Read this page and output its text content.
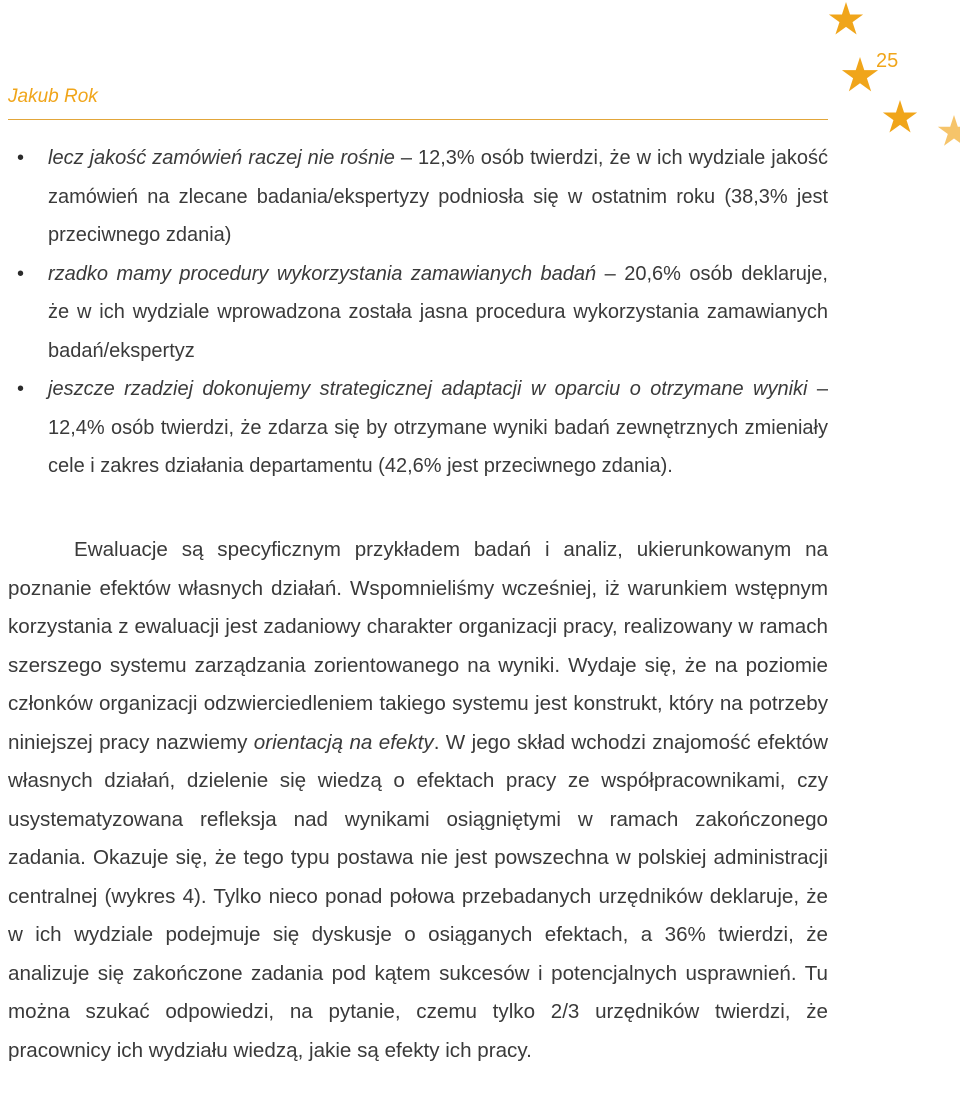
Jakub Rok
25
• lecz jakość zamówień raczej nie rośnie – 12,3% osób twierdzi, że w ich wydziale jakość zamówień na zlecane badania/ekspertyzy podniosła się w ostatnim roku (38,3% jest przeciwnego zdania)
• rzadko mamy procedury wykorzystania zamawianych badań – 20,6% osób deklaruje, że w ich wydziale wprowadzona została jasna procedura wykorzystania zamawianych badań/ekspertyz
• jeszcze rzadziej dokonujemy strategicznej adaptacji w oparciu o otrzymane wyniki – 12,4% osób twierdzi, że zdarza się by otrzymane wyniki badań zewnętrznych zmieniały cele i zakres działania departamentu (42,6% jest przeciwnego zdania).

Ewaluacje są specyficznym przykładem badań i analiz, ukierunkowanym na poznanie efektów własnych działań. Wspomnieliśmy wcześniej, iż warunkiem wstępnym korzystania z ewaluacji jest zadaniowy charakter organizacji pracy, realizowany w ramach szerszego systemu zarządzania zorientowanego na wyniki. Wydaje się, że na poziomie członków organizacji odzwierciedleniem takiego systemu jest konstrukt, który na potrzeby niniejszej pracy nazwiemy orientacją na efekty. W jego skład wchodzi znajomość efektów własnych działań, dzielenie się wiedzą o efektach pracy ze współpracownikami, czy usystematyzowana refleksja nad wynikami osiągniętymi w ramach zakończonego zadania. Okazuje się, że tego typu postawa nie jest powszechna w polskiej administracji centralnej (wykres 4). Tylko nieco ponad połowa przebadanych urzędników deklaruje, że w ich wydziale podejmuje się dyskusje o osiąganych efektach, a 36% twierdzi, że analizuje się zakończone zadania pod kątem sukcesów i potencjalnych usprawnień. Tu można szukać odpowiedzi, na pytanie, czemu tylko 2/3 urzędników twierdzi, że pracownicy ich wydziału wiedzą, jakie są efekty ich pracy.
